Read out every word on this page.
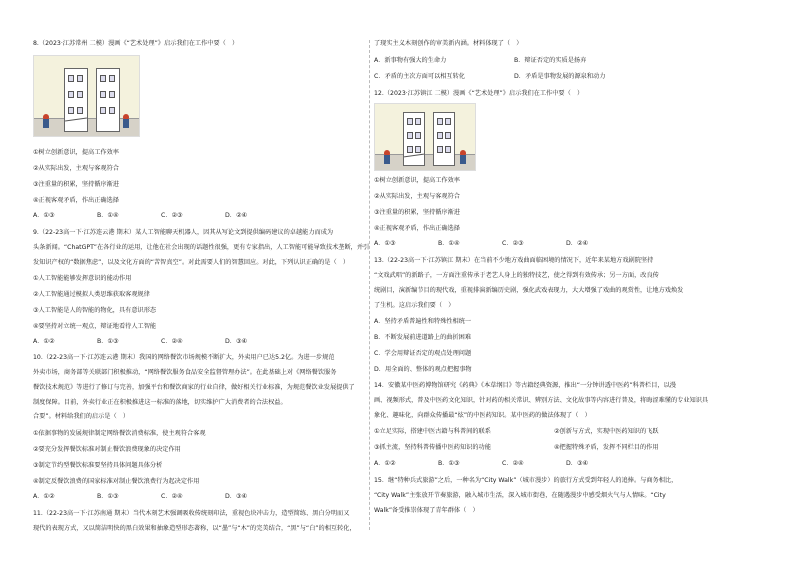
8.（2023·江苏常州 二模）漫画《“艺术处理”》启示我们在工作中要（　）
①树立创新意识，提高工作效率
②从实际出发，主观与客观符合
③注重量的积累，坚持循序渐进
④正视客观矛盾，作出正确选择
A．①③	B．①④	C．②③	D．②④
9.（22-23高一下·江苏连云港 期末）某人工智能聊天机器人，因其从写论文到提供编码建议的卓越能力而成为
头条新闻。“ChatGPT”在各行业的运用，让他在社会出现的话题性很强，更有专家指出，人工智能可能导致技术垄断，并引
发知识产权的“数据焦虑”，以及文化方面的“苦智真空”。对此需要人们的智慧回应。对此，下列认识正确的是（　）
①人工智能能够发挥意识的能动作用
②人工智能通过模拟人类思维获取客观规律
③人工智能是人的智能的物化，具有意识形态
④要坚持对立统一观点，辩证地看待人工智能
A．①②	B．①③	C．②④	D．③④
10.（22-23高一下·江苏连云港 期末）我国的网络餐饮市场规模不断扩大，外卖用户已达5.2亿。为进一步规范
外卖市场，商务部等关联部门积极推动，“网络餐饮服务食品安全监督管理办法”。在此基础上对《网络餐饮服务
餐饮技术规范》等进行了修订与完善，加强平台和餐饮商家的行业自律，做好相关行业标准，为规范餐饮业发展提供了
制度保障。目前，外卖行业正在积极推进这一标准的落地，切实维护广大消费者的合法权益。
合要”。材料给我们的启示是（　）
①依据事物的发展规律制定网络餐饮消费标准，使主观符合客观
②要充分发挥餐饮标准对制止餐饮浪费现象的决定作用
③制定节约型餐饮标准要坚持具体问题具体分析
④制定反餐饮浪费的国家标准对制止餐饮浪费行为起决定作用
A．①②	B．①③	C．②④	D．③④
11.（22-23高一下·江苏南通 期末）当代木刻艺术强调吸收传统刻印法，重视色块冲击力，造型简练、黑白分明而又
现代的表现方式，又以简洁明快的黑白效果和抽象造型形态著称，以“墨”与“木”的完美结合，“黑”与“白”的相互转化，
了现实主义木刻创作的审美新内涵。材料体现了（　）
A．新事物有强大的生命力	B．辩证否定的实质是扬弃
C．矛盾的主次方面可以相互转化	D．矛盾是事物发展的源泉和动力
12.（2023·江苏镇江 二模）漫画《“艺术处理”》启示我们在工作中要（　）
①树立创新意识，提高工作效率
②从实际出发，主观与客观符合
③注重量的积累，坚持循序渐进
④正视客观矛盾，作出正确选择
A．①③	B．①④	C．②③	D．②④
13.（22-23高一下·江苏镇江 期末）在当前不少地方戏曲面临困境的情况下，近年来某地方戏剧院坚持
“文戏武唱”的新路子，一方面注重传承于老艺人身上的独特技艺，使之得到有效传承；另一方面，改良传
统剧目，演新编节目的现代戏，重视排演新编历史剧，强化武戏表现力，大大增强了戏曲的观赏性，让地方戏焕发
了生机。这启示我们要（　）
A．坚持矛盾普遍性和特殊性相统一
B．不断发展前进道路上的曲折困难
C．学会用辩证否定的观点处理问题
D．用全面的、整体的观点把握事物
14．安徽某中医药博物馆研究《药典》《本草纲目》等古籍经典资源，推出“一分钟讲透中医药”科普栏目，以漫
画、视频形式，普及中医药文化知识，针对药的相关常识、辨别方法、文化故事等内容进行普及，将晦涩难懂的专业知识具
象化、趣味化，向群众传播最“炫”的中医药知识。某中医药的做法体现了（　）
①立足实际，搭建中医古籍与科普间的联系	②创新与方式，实现中医药知识的飞跃
③抓主流，坚持科普传播中医药知识的功能	④把握特殊矛盾，发挥不同栏目的作用
A．①②	B．①③	C．②④	D．③④
15．继“特种兵式旅游”之后，一种名为“City Walk”（城市漫步）的旅行方式受到年轻人的追捧。与商务相比，
“City Walk”主张放开节奏旅游，融入城市生活，深入城市街巷，在随遇漫步中感受烟火气与人情味。“City
Walk”备受推崇体现了青年群体（　）
